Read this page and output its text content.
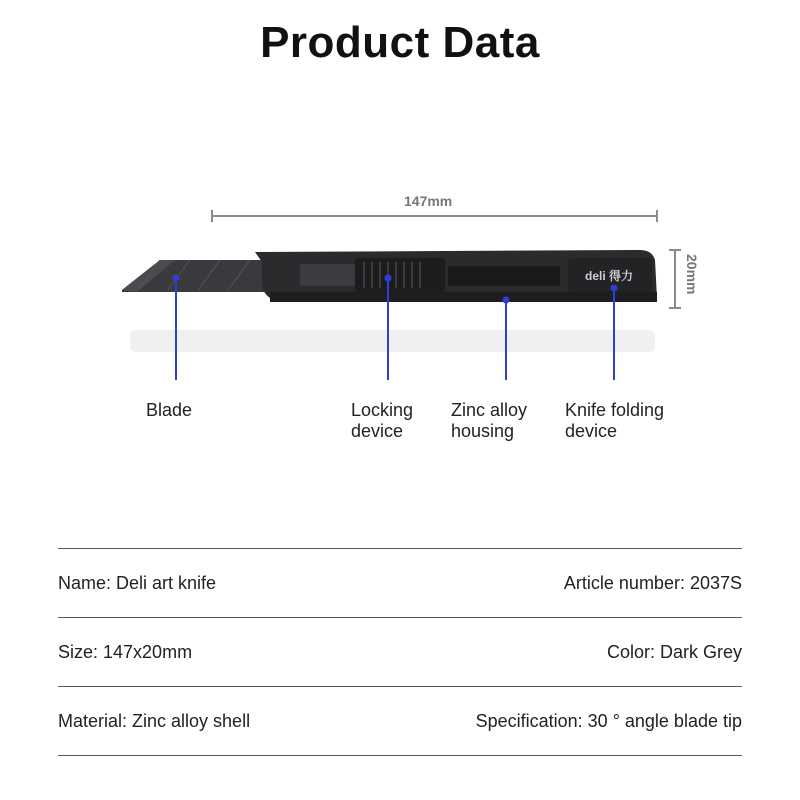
Product Data
deli 得力
147mm
20mm
Blade	Locking
device
Zinc alloy
housing
Knife folding
device
Name: Deli art knife	Article number: 2037S
Size: 147x20mm	Color: Dark Grey
Material: Zinc alloy shell	Specification: 30 ° angle blade tip
